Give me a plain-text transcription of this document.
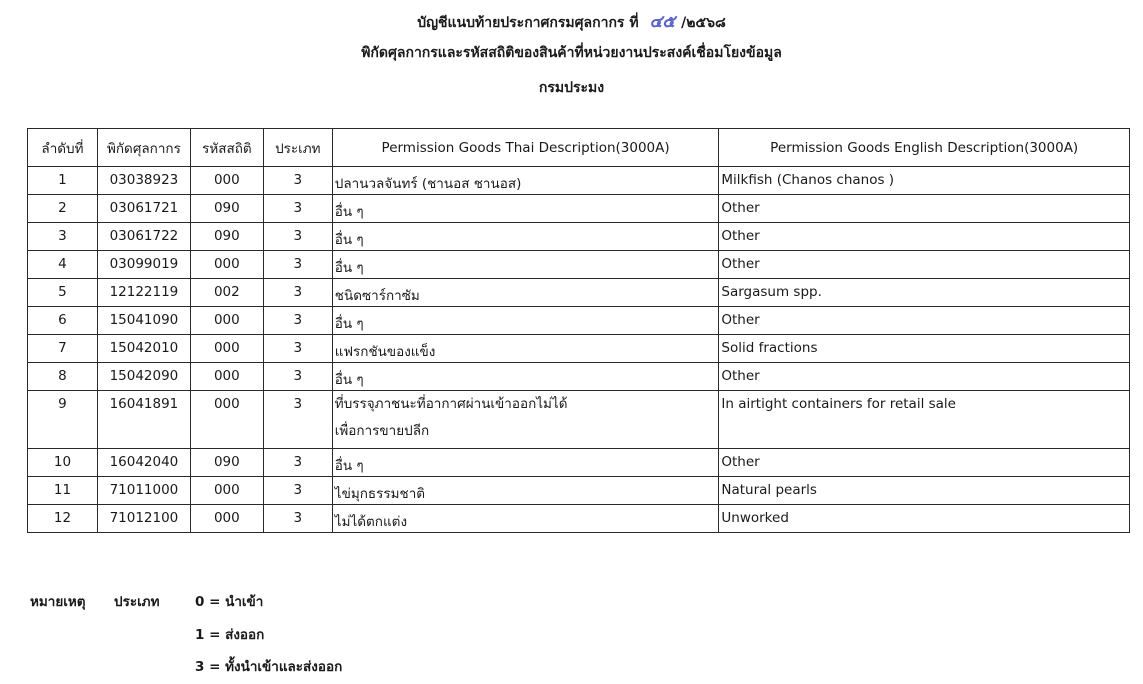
บัญชีแนบท้ายประกาศกรมศุลกากร ที่ ๔๕ /๒๕๖๘
พิกัดศุลกากรและรหัสสถิติของสินค้าที่หน่วยงานประสงค์เชื่อมโยงข้อมูล
กรมประมง
ลำดับที่	พิกัดศุลกากร	รหัสสถิติ	ประเภท	Permission Goods Thai Description(3000A)	Permission Goods English Description(3000A)
1	03038923	000	3	ปลานวลจันทร์ (ชานอส ชานอส)	Milkfish (Chanos chanos )
2	03061721	090	3	อื่น ๆ	Other
3	03061722	090	3	อื่น ๆ	Other
4	03099019	000	3	อื่น ๆ	Other
5	12122119	002	3	ชนิดซาร์กาซัม	Sargasum spp.
6	15041090	000	3	อื่น ๆ	Other
7	15042010	000	3	แฟรกชันของแข็ง	Solid fractions
8	15042090	000	3	อื่น ๆ	Other
9	16041891	000	3	ที่บรรจุภาชนะที่อากาศผ่านเข้าออกไม่ได้
เพื่อการขายปลีก	In airtight containers for retail sale
10	16042040	090	3	อื่น ๆ	Other
11	71011000	000	3	ไข่มุกธรรมชาติ	Natural pearls
12	71012100	000	3	ไม่ได้ตกแต่ง	Unworked
หมายเหตุ ประเภท	0 = นำเข้า
1 = ส่งออก
3 = ทั้งนำเข้าและส่งออก
